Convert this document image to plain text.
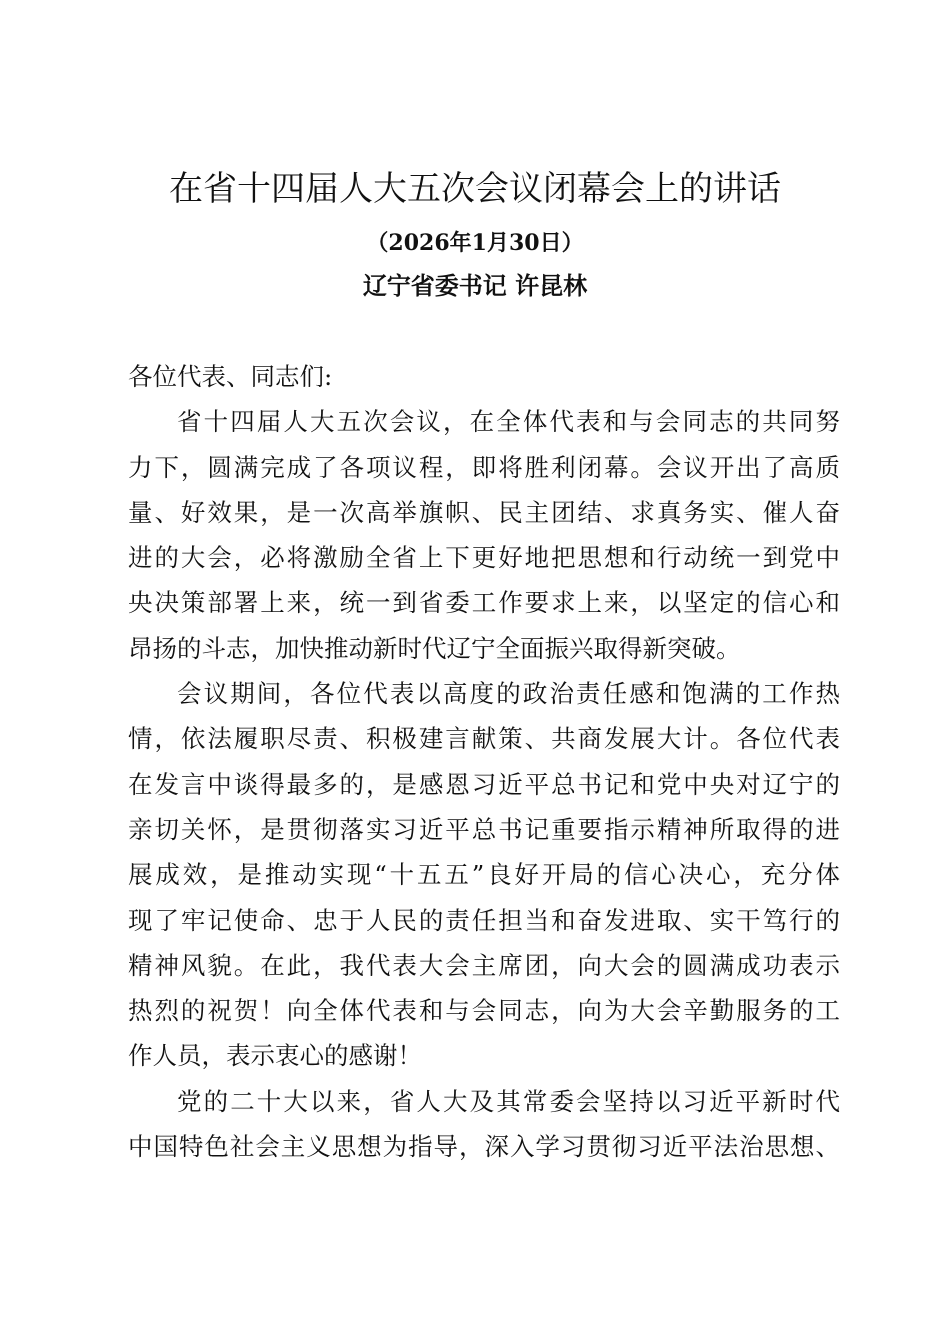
在省十四届人大五次会议闭幕会上的讲话
（2026年1月30日）
辽宁省委书记 许昆林
各位代表、同志们:
省十四届人大五次会议，在全体代表和与会同志的共同努
力下，圆满完成了各项议程，即将胜利闭幕。会议开出了高质
量、好效果，是一次高举旗帜、民主团结、求真务实、催人奋
进的大会，必将激励全省上下更好地把思想和行动统一到党中
央决策部署上来，统一到省委工作要求上来，以坚定的信心和
昂扬的斗志，加快推动新时代辽宁全面振兴取得新突破。
会议期间，各位代表以高度的政治责任感和饱满的工作热
情，依法履职尽责、积极建言献策、共商发展大计。各位代表
在发言中谈得最多的，是感恩习近平总书记和党中央对辽宁的
亲切关怀，是贯彻落实习近平总书记重要指示精神所取得的进
展成效，是推动实现“十五五”良好开局的信心决心，充分体
现了牢记使命、忠于人民的责任担当和奋发进取、实干笃行的
精神风貌。在此，我代表大会主席团，向大会的圆满成功表示
热烈的祝贺！向全体代表和与会同志，向为大会辛勤服务的工
作人员，表示衷心的感谢！
党的二十大以来，省人大及其常委会坚持以习近平新时代
中国特色社会主义思想为指导，深入学习贯彻习近平法治思想、
